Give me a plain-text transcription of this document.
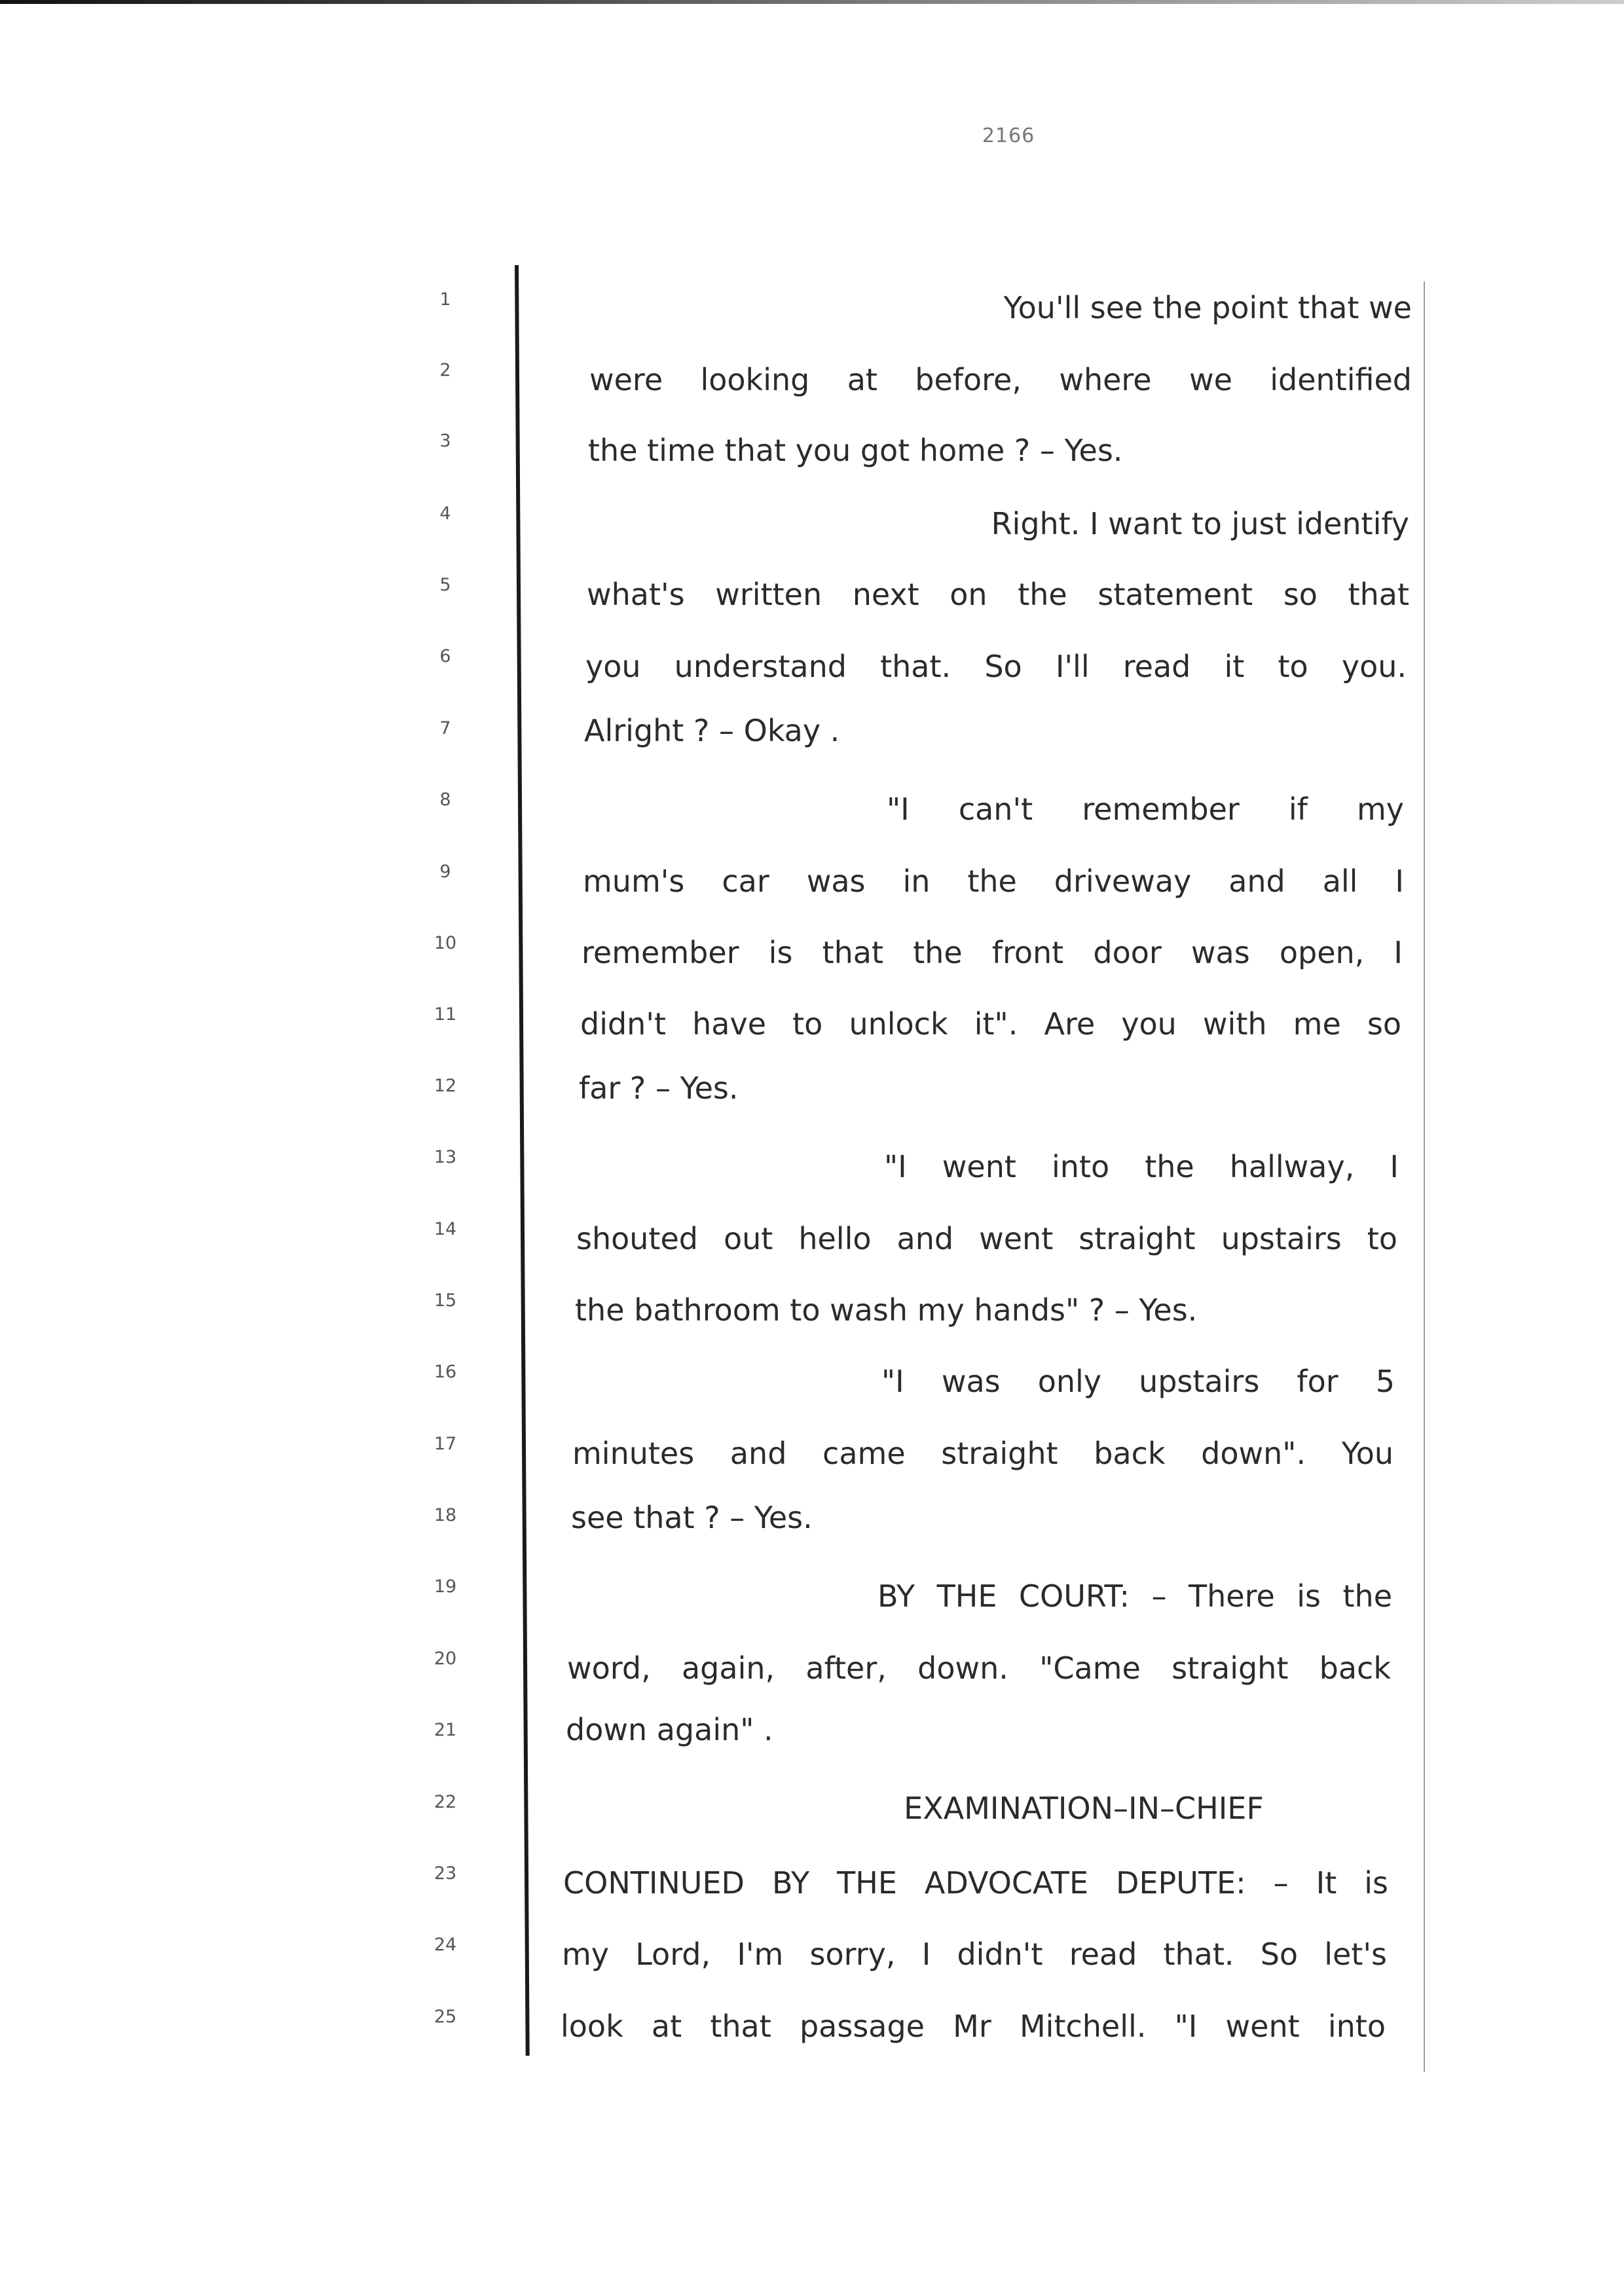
2166
1
2
3
4
5
6
7
8
9
10
11
12
13
14
15
16
17
18
19
20
21
22
23
24
25
You'll see the point that we
were looking at before, where we identified
the time that you got home ? – Yes.
Right. I want to just identify
what's written next on the statement so that
you understand that. So I'll read it to you.
Alright ? – Okay .
"I can't remember if my
mum's car was in the driveway and all I
remember is that the front door was open, I
didn't have to unlock it". Are you with me so
far ? – Yes.
"I went into the hallway, I
shouted out hello and went straight upstairs to
the bathroom to wash my hands" ? – Yes.
"I was only upstairs for 5
minutes and came straight back down". You
see that ? – Yes.
BY THE COURT: – There is the
word, again, after, down. "Came straight back
down again" .
EXAMINATION–IN–CHIEF
CONTINUED BY THE ADVOCATE DEPUTE: – It is
my Lord, I'm sorry, I didn't read that. So let's
look at that passage Mr Mitchell. "I went into
